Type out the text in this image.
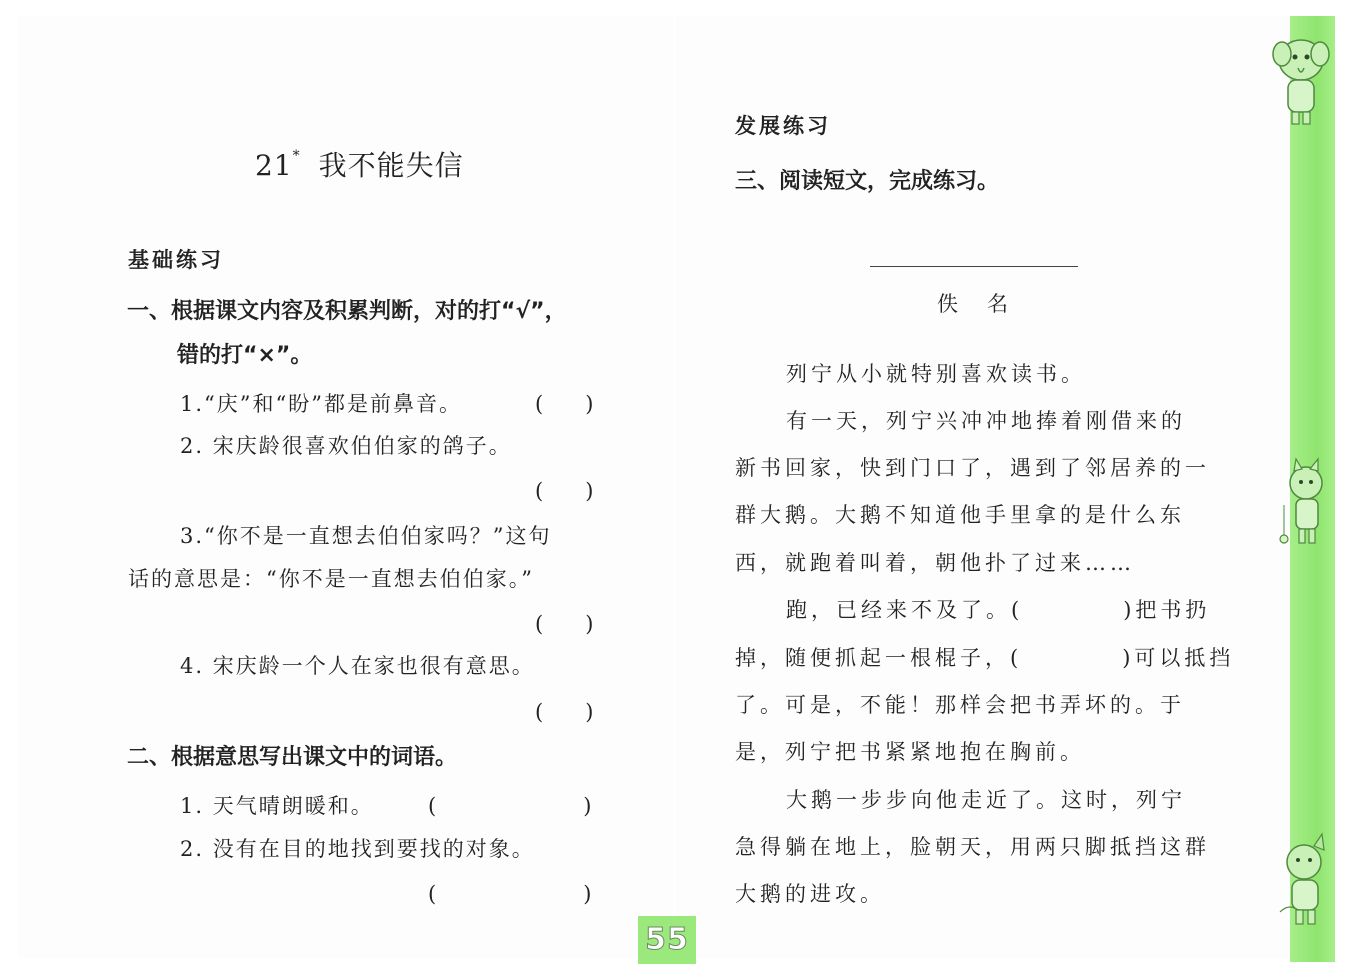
21* 我不能失信
基础练习
一、根据课文内容及积累判断，对的打“√”，
错的打“×”。
1.“庆”和“盼”都是前鼻音。	(　　)
2. 宋庆龄很喜欢伯伯家的鸽子。
(　　)
3.“你不是一直想去伯伯家吗？”这句
话的意思是：“你不是一直想去伯伯家。”
(　　)
4. 宋庆龄一个人在家也很有意思。
(　　)
二、根据意思写出课文中的词语。
1. 天气晴朗暖和。	(　　　　　　　)
2. 没有在目的地找到要找的对象。
(　　　　　　　)
发展练习
三、阅读短文，完成练习。
佚　名
列宁从小就特别喜欢读书。
有一天，列宁兴冲冲地捧着刚借来的
新书回家，快到门口了，遇到了邻居养的一
群大鹅。大鹅不知道他手里拿的是什么东
西，就跑着叫着，朝他扑了过来……
跑，已经来不及了。(　　　　)把书扔
掉，随便抓起一根棍子，(　　　　)可以抵挡
了。可是，不能！那样会把书弄坏的。于
是，列宁把书紧紧地抱在胸前。
大鹅一步步向他走近了。这时，列宁
急得躺在地上，脸朝天，用两只脚抵挡这群
大鹅的进攻。
55
